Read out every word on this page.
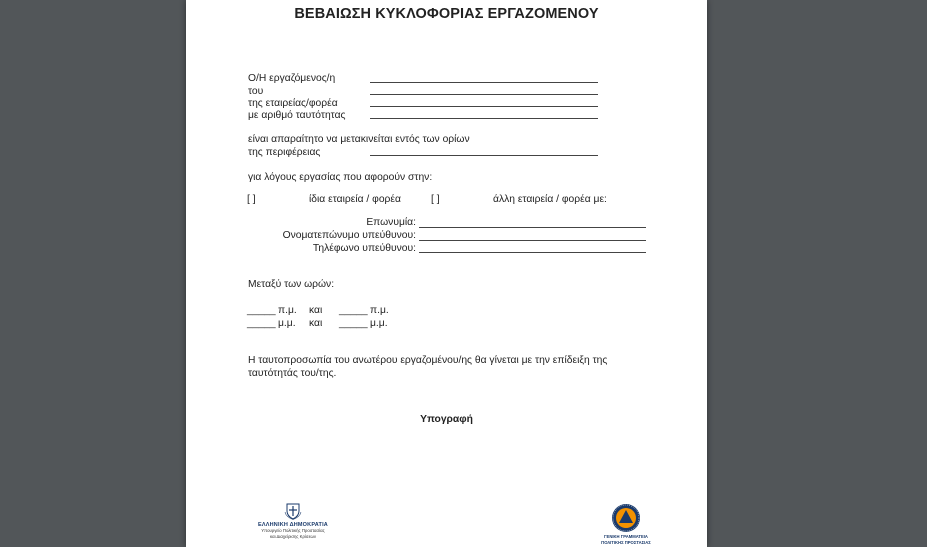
ΒΕΒΑΙΩΣΗ ΚΥΚΛΟΦΟΡΙΑΣ ΕΡΓΑΖΟΜΕΝΟΥ
Ο/Η εργαζόμενος/η
του
της εταιρείας/φορέα
με αριθμό ταυτότητας
είναι απαραίτητο να μετακινείται εντός των ορίων
της περιφέρειας
για λόγους εργασίας που αφορούν στην:
[ ]	ίδια εταιρεία / φορέα	[ ]	άλλη εταιρεία / φορέα με:
Επωνυμία:
Ονοματεπώνυμο υπεύθυνου:
Τηλέφωνο υπεύθυνου:
Μεταξύ των ωρών:
_____ π.μ. και _____ π.μ.
_____ μ.μ. και _____ μ.μ.
Η ταυτοπροσωπία του ανωτέρου εργαζομένου/ης θα γίνεται με την επίδειξη της
ταυτότητάς του/της.
Υπογραφή
ΕΛΛΗΝΙΚΗ ΔΗΜΟΚΡΑΤΙΑ
Υπουργείο Πολιτικής Προστασίας
και Διαχείρισης Κρίσεων	ΓΕΝΙΚΗ ΓΡΑΜΜΑΤΕΙΑ
ΠΟΛΙΤΙΚΗΣ ΠΡΟΣΤΑΣΙΑΣ
